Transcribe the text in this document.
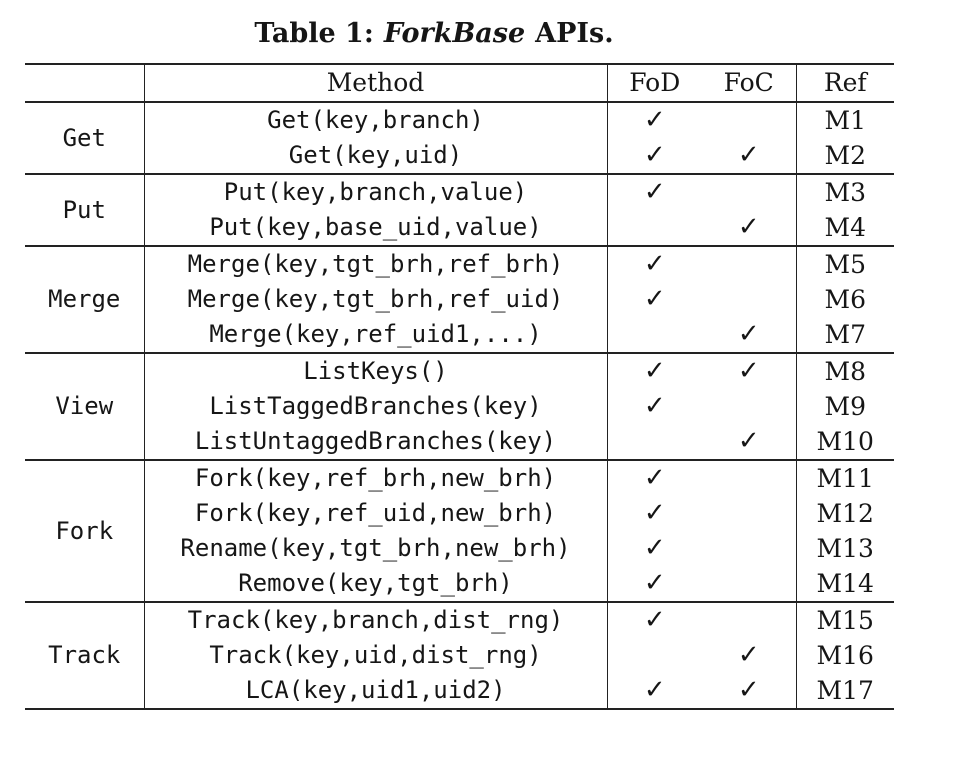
Table 1: ForkBase APIs.
	Method	FoD	FoC	Ref
Get	Get(key,branch)	✓		M1
	Get(key,uid)	✓	✓	M2
Put	Put(key,branch,value)	✓		M3
	Put(key,base_uid,value)		✓	M4
Merge	Merge(key,tgt_brh,ref_brh)	✓		M5
	Merge(key,tgt_brh,ref_uid)	✓		M6
	Merge(key,ref_uid1,...)		✓	M7
View	ListKeys()	✓	✓	M8
	ListTaggedBranches(key)	✓		M9
	ListUntaggedBranches(key)		✓	M10
Fork	Fork(key,ref_brh,new_brh)	✓		M11
	Fork(key,ref_uid,new_brh)	✓		M12
	Rename(key,tgt_brh,new_brh)	✓		M13
	Remove(key,tgt_brh)	✓		M14
Track	Track(key,branch,dist_rng)	✓		M15
	Track(key,uid,dist_rng)		✓	M16
	LCA(key,uid1,uid2)	✓	✓	M17
